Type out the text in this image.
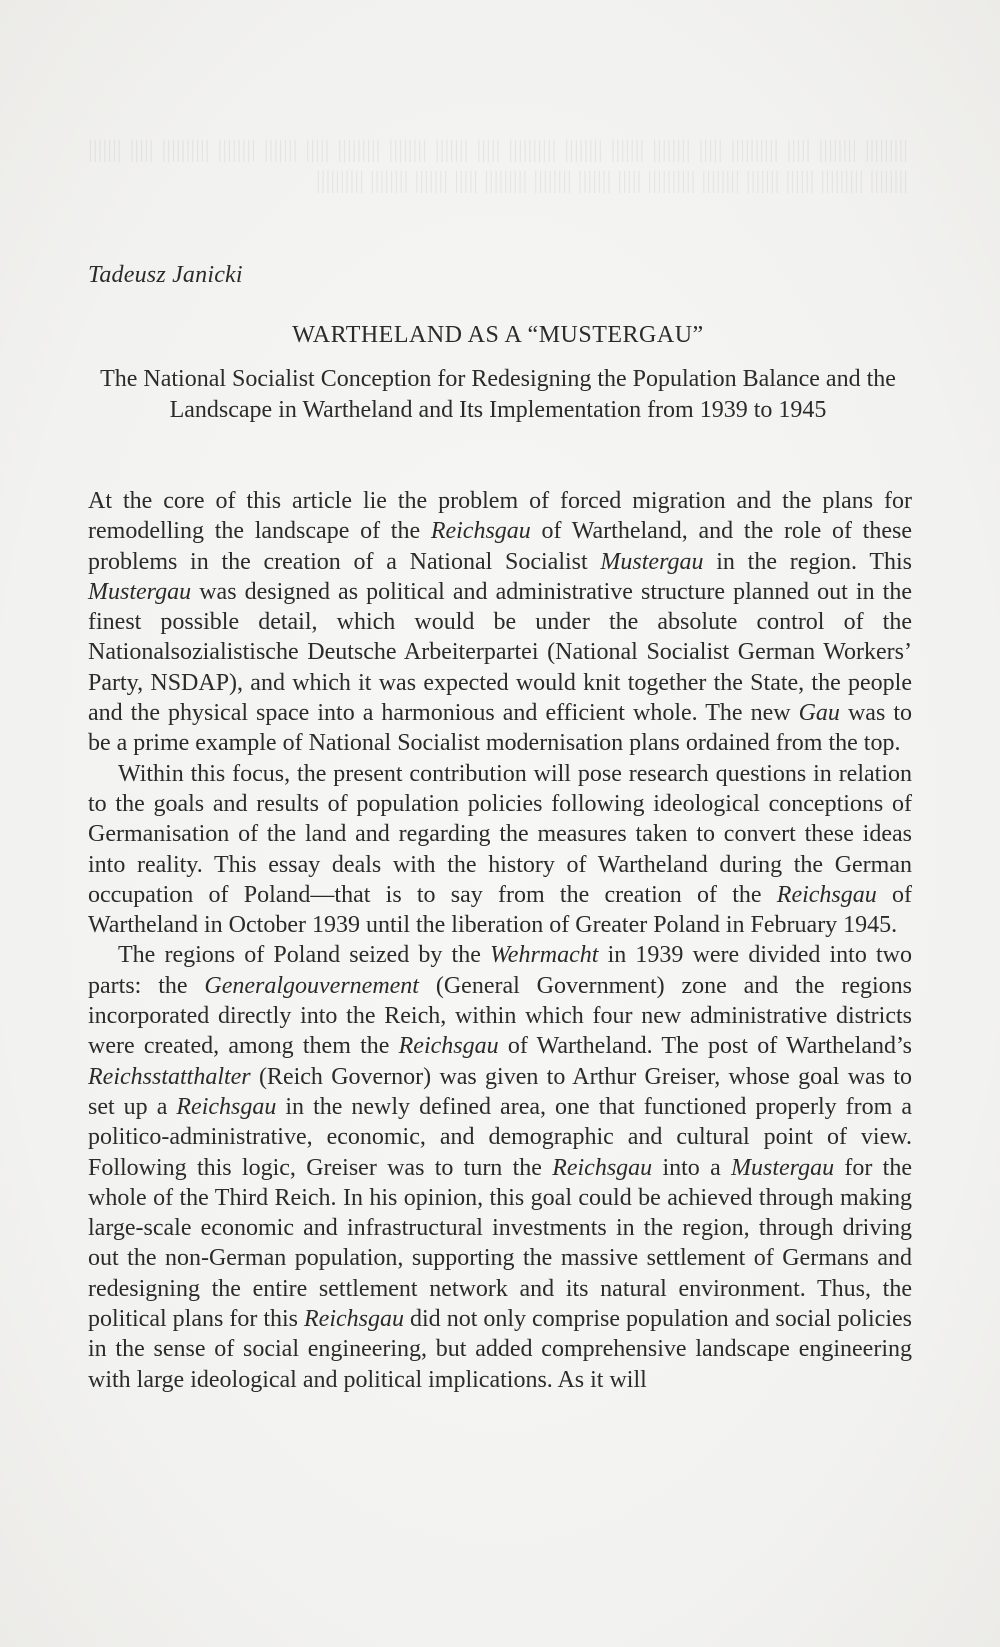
||||||||| |||||||| ||||| |||||||||| ||||| |||||||| ||||||| |||||||| |||||||||| ||||| ||||||| |||||||| ||||||||| ||||| ||||||| |||||||| |||||||||| ||||| ||||||| |||||||| ||||||||| |||||| ||||||| |||||||| |||||||||| ||||| ||||||| |||||||| ||||||||| ||||| ||||||| |||||||| ||||||||||
Tadeusz Janicki
WARTHELAND AS A “MUSTERGAU”
The National Socialist Conception for Redesigning the Population Balance and the Landscape in Wartheland and Its Implementation from 1939 to 1945

At the core of this article lie the problem of forced migration and the plans for remodelling the landscape of the Reichsgau of Wartheland, and the role of these problems in the creation of a National Socialist Mustergau in the region. This Mustergau was designed as political and administrative structure planned out in the finest possible detail, which would be under the absolute control of the Nationalsozialistische Deutsche Arbeiterpartei (National Socialist German Workers’ Party, NSDAP), and which it was expected would knit together the State, the people and the physical space into a harmonious and efficient whole. The new Gau was to be a prime example of National Socialist modernisation plans ordained from the top.

Within this focus, the present contribution will pose research questions in relation to the goals and results of population policies following ideological conceptions of Germanisation of the land and regarding the measures taken to convert these ideas into reality. This essay deals with the history of Wartheland during the German occupation of Poland—that is to say from the creation of the Reichsgau of Wartheland in October 1939 until the liberation of Greater Poland in February 1945.

The regions of Poland seized by the Wehrmacht in 1939 were divided into two parts: the Generalgouvernement (General Government) zone and the regions incorporated directly into the Reich, within which four new administrative districts were created, among them the Reichsgau of Wartheland. The post of Wartheland’s Reichsstatthalter (Reich Governor) was given to Arthur Greiser, whose goal was to set up a Reichsgau in the newly defined area, one that functioned properly from a politico-administrative, economic, and demographic and cultural point of view. Following this logic, Greiser was to turn the Reichsgau into a Mustergau for the whole of the Third Reich. In his opinion, this goal could be achieved through making large-scale economic and infrastructural investments in the region, through driving out the non-German population, supporting the massive settlement of Germans and redesigning the entire settlement network and its natural environment. Thus, the political plans for this Reichsgau did not only comprise population and social policies in the sense of social engineering, but added comprehensive landscape engineering with large ideological and political implications. As it will
